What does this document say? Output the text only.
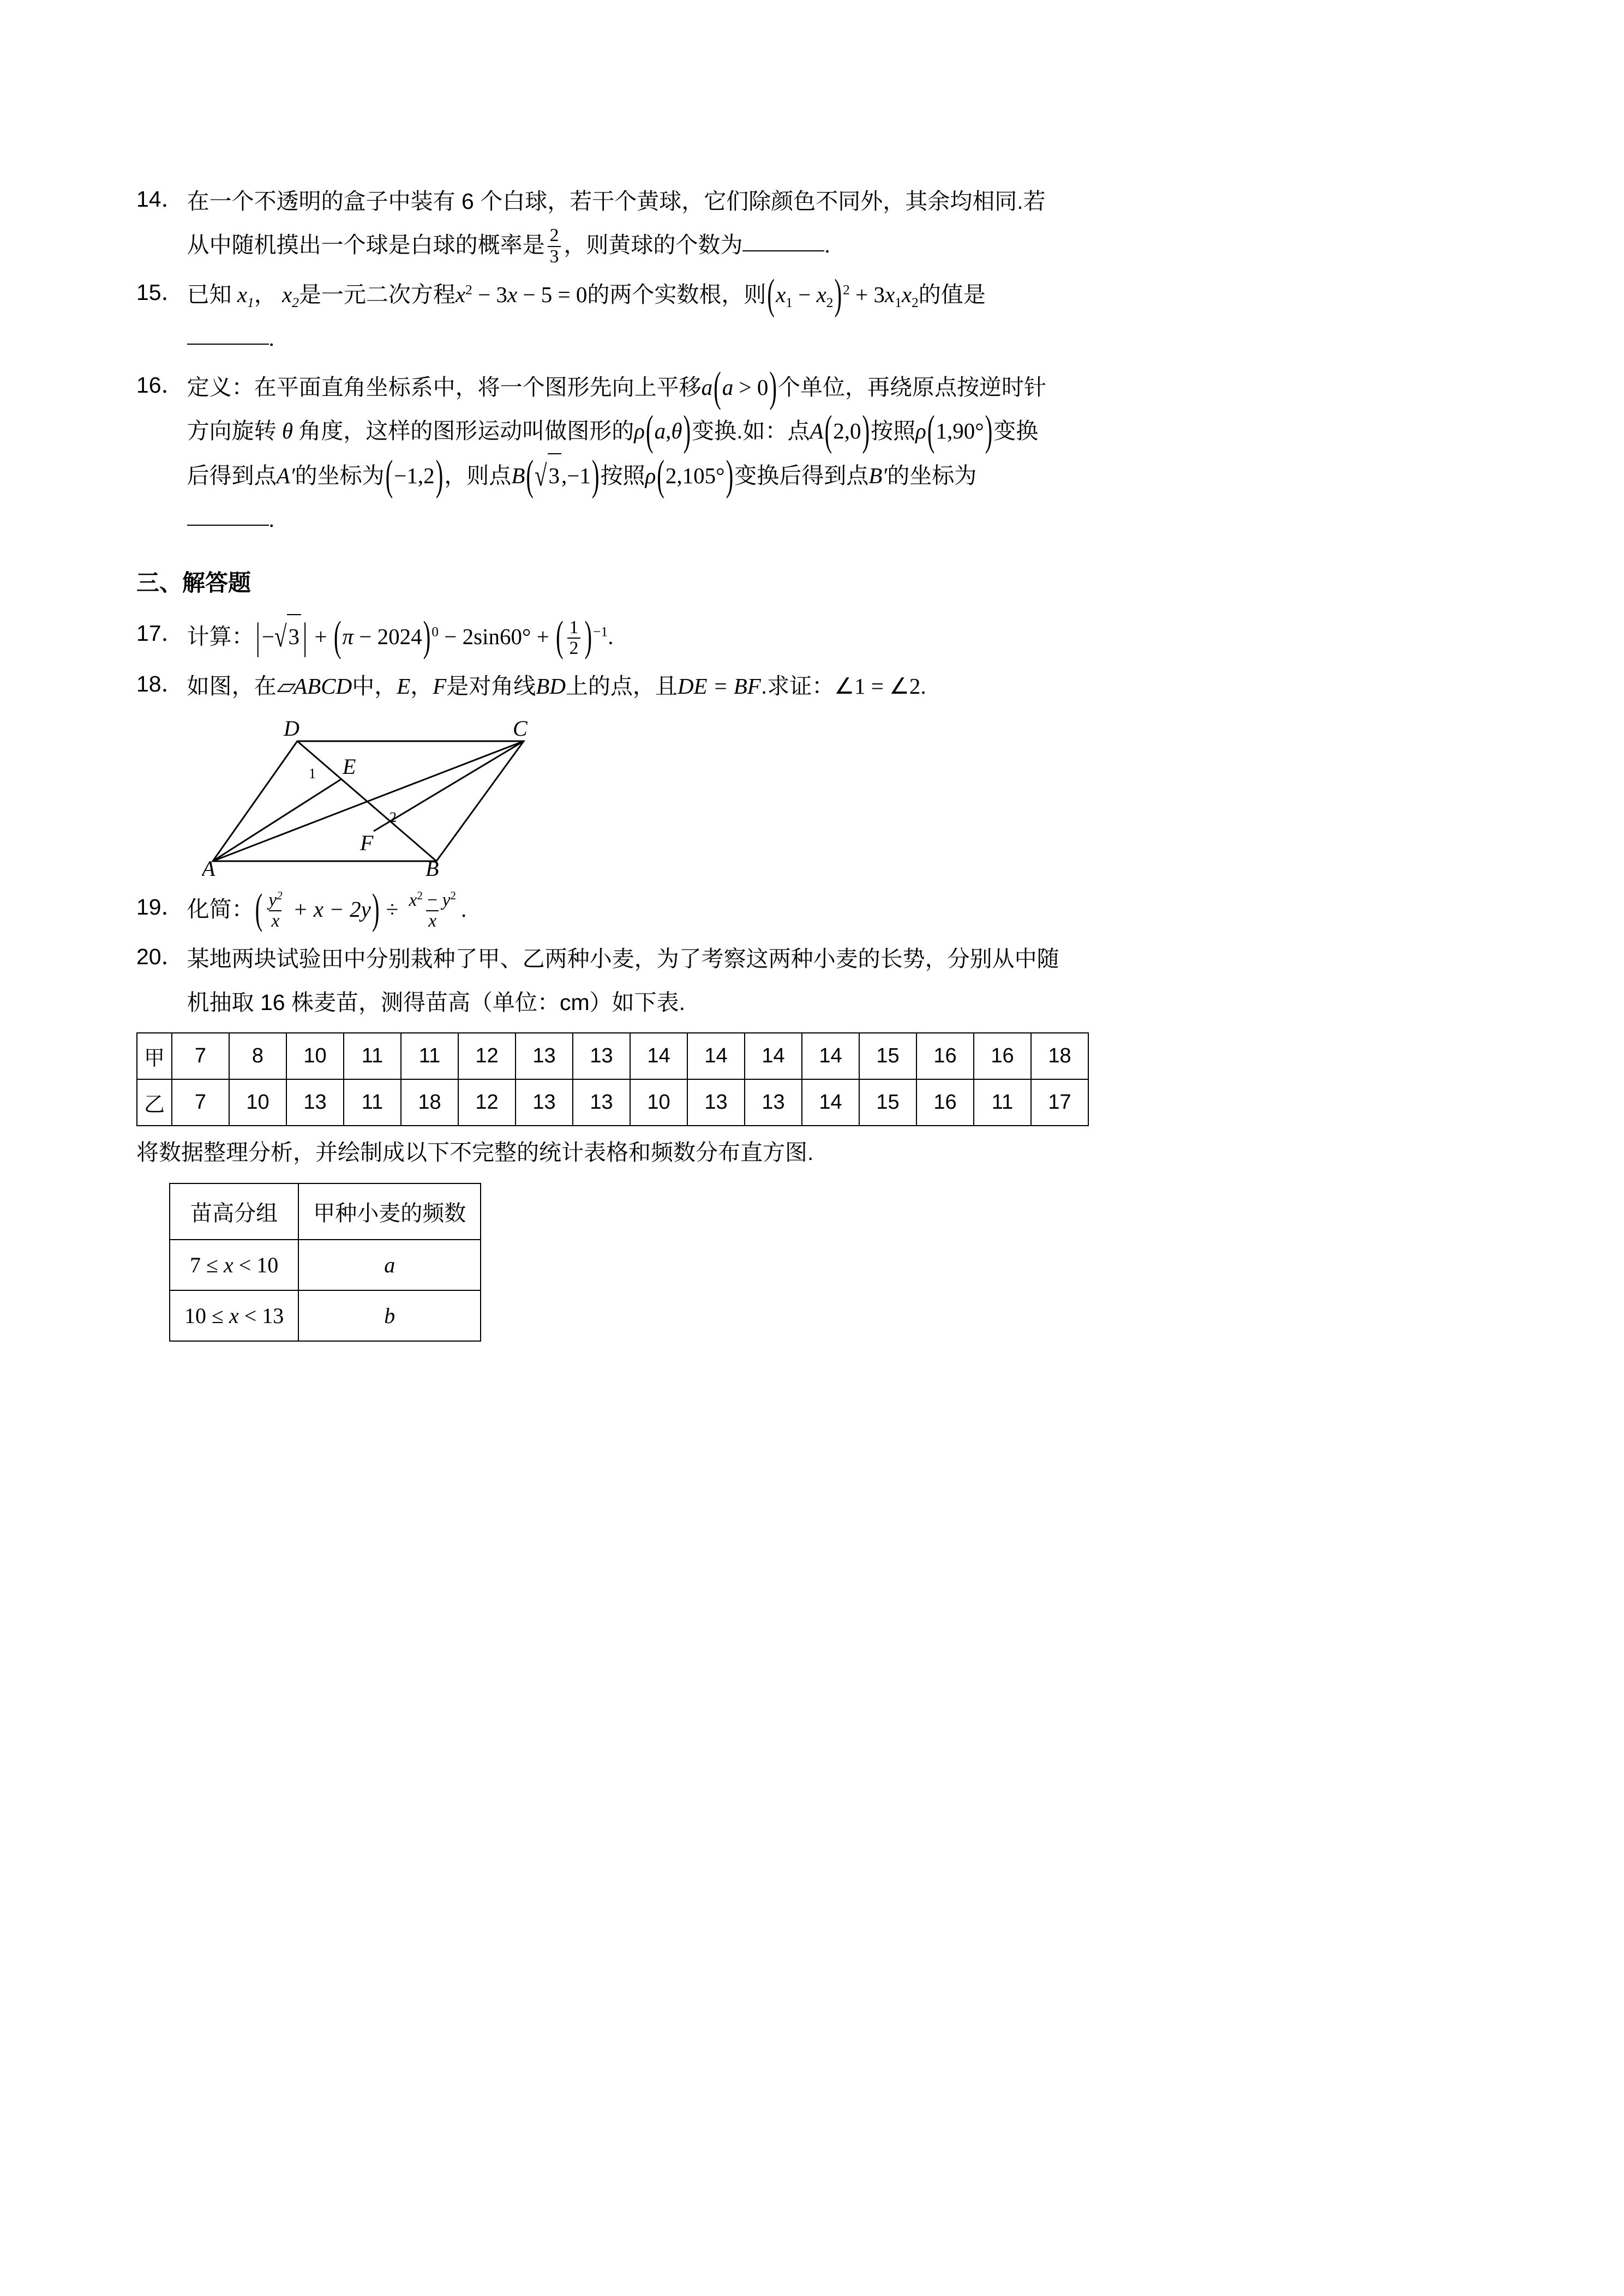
14． 在一个不透明的盒子中装有 6 个白球，若干个黄球，它们除颜色不同外，其余均相同.若
从中随机摸出一个球是白球的概率是 $\frac{2}{3}$ ，则黄球的个数为	.
15． 已知 $x_1$， $x_2$是一元二次方程$x^2 - 3x - 5 = 0$的两个实数根，则$(x_1 - x_2)^2 + 3x_1x_2$的值是
.
16． 定义：在平面直角坐标系中，将一个图形先向上平移a(a > 0)个单位，再绕原点按逆时针
方向旋转 θ 角度，这样的图形运动叫做图形的ρ(a,θ)变换.如：点A(2,0)按照ρ(1,90°)变换
后得到点A′的坐标为(−1,2)，则点B(√3,−1)按照ρ(2,105°)变换后得到点B′的坐标为
.
三、解答题
17． 计算：|−√3 | + $(\pi - 2024)^0 - 2\sin 60^\circ$ + ( $\frac{1}{2} )^{-1}$.
18． 如图，在▱ABCD中，E，F是对角线BD上的点，且DE = BF.求证：∠1 = ∠2.
D	C
E
1
2
F
A	B
19． 化简：( $\frac{y^2}{x} + x - 2y) \div \frac{x^2 - y^2}{x}$ .
20． 某地两块试验田中分别栽种了甲、乙两种小麦，为了考察这两种小麦的长势，分别从中随
机抽取 16 株麦苗，测得苗高（单位：cm）如下表.
甲	7	8	10	11	11	12	13	13	14	14	14	14	15	16	16	18
乙	7	10	13	11	18	12	13	13	10	13	13	14	15	16	11	17
将数据整理分析，并绘制成以下不完整的统计表格和频数分布直方图.
苗高分组	甲种小麦的频数
7 ≤ x < 10	a
10 ≤ x < 13	b
